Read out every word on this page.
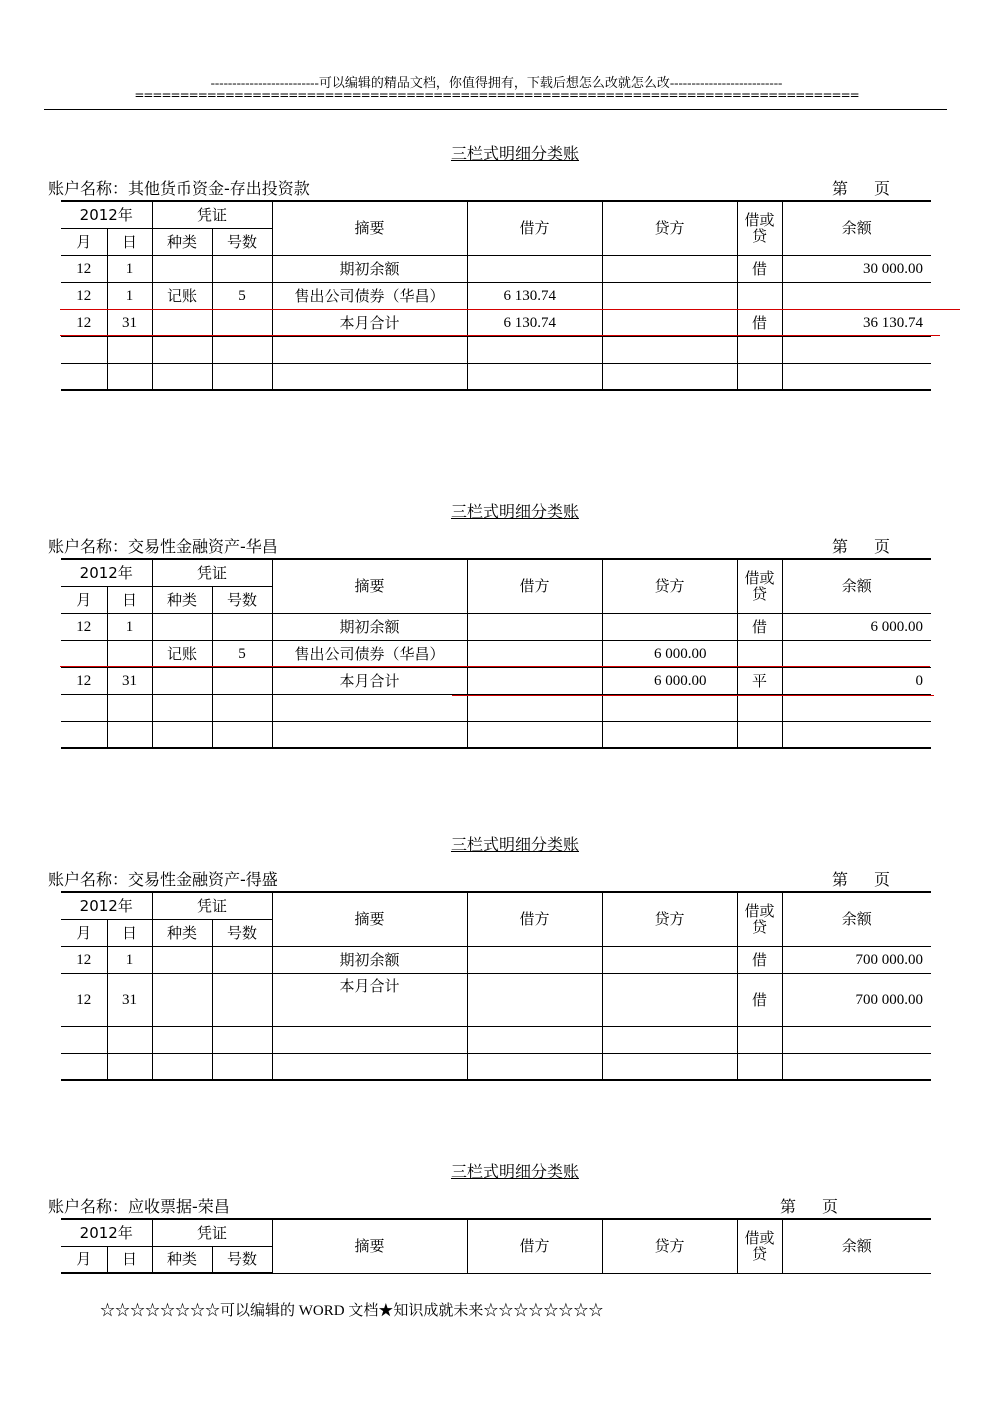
-------------------------可以编辑的精品文档，你值得拥有，下载后想怎么改就怎么改--------------------------
================================================================================
三栏式明细分类账
账户名称：其他货币资金-存出投资款	第 页
2012年		凭证		摘要	借方	贷方	借或
贷	余额
月	日	种类	号数					
12	1			期初余额			借	30 000.00
12	1	记账	5	售出公司债券（华昌）	6 130.74			
12	31			本月合计	6 130.74		借	36 130.74

三栏式明细分类账
账户名称：交易性金融资产-华昌	第 页
2012年		凭证		摘要	借方	贷方	借或
贷	余额
月	日	种类	号数					
12	1			期初余额			借	6 000.00
		记账	5	售出公司债券（华昌）		6 000.00		
12	31			本月合计		6 000.00	平	0

三栏式明细分类账
账户名称：交易性金融资产-得盛	第 页
2012年		凭证		摘要	借方	贷方	借或
贷	余额
月	日	种类	号数					
12	1			期初余额			借	700 000.00
12	31			本月合计			借	700 000.00

三栏式明细分类账
账户名称：应收票据-荣昌	第 页
2012年		凭证		摘要	借方	贷方	借或
贷	余额
月	日	种类	号数					
☆☆☆☆☆☆☆☆可以编辑的 WORD 文档★知识成就未来☆☆☆☆☆☆☆☆
